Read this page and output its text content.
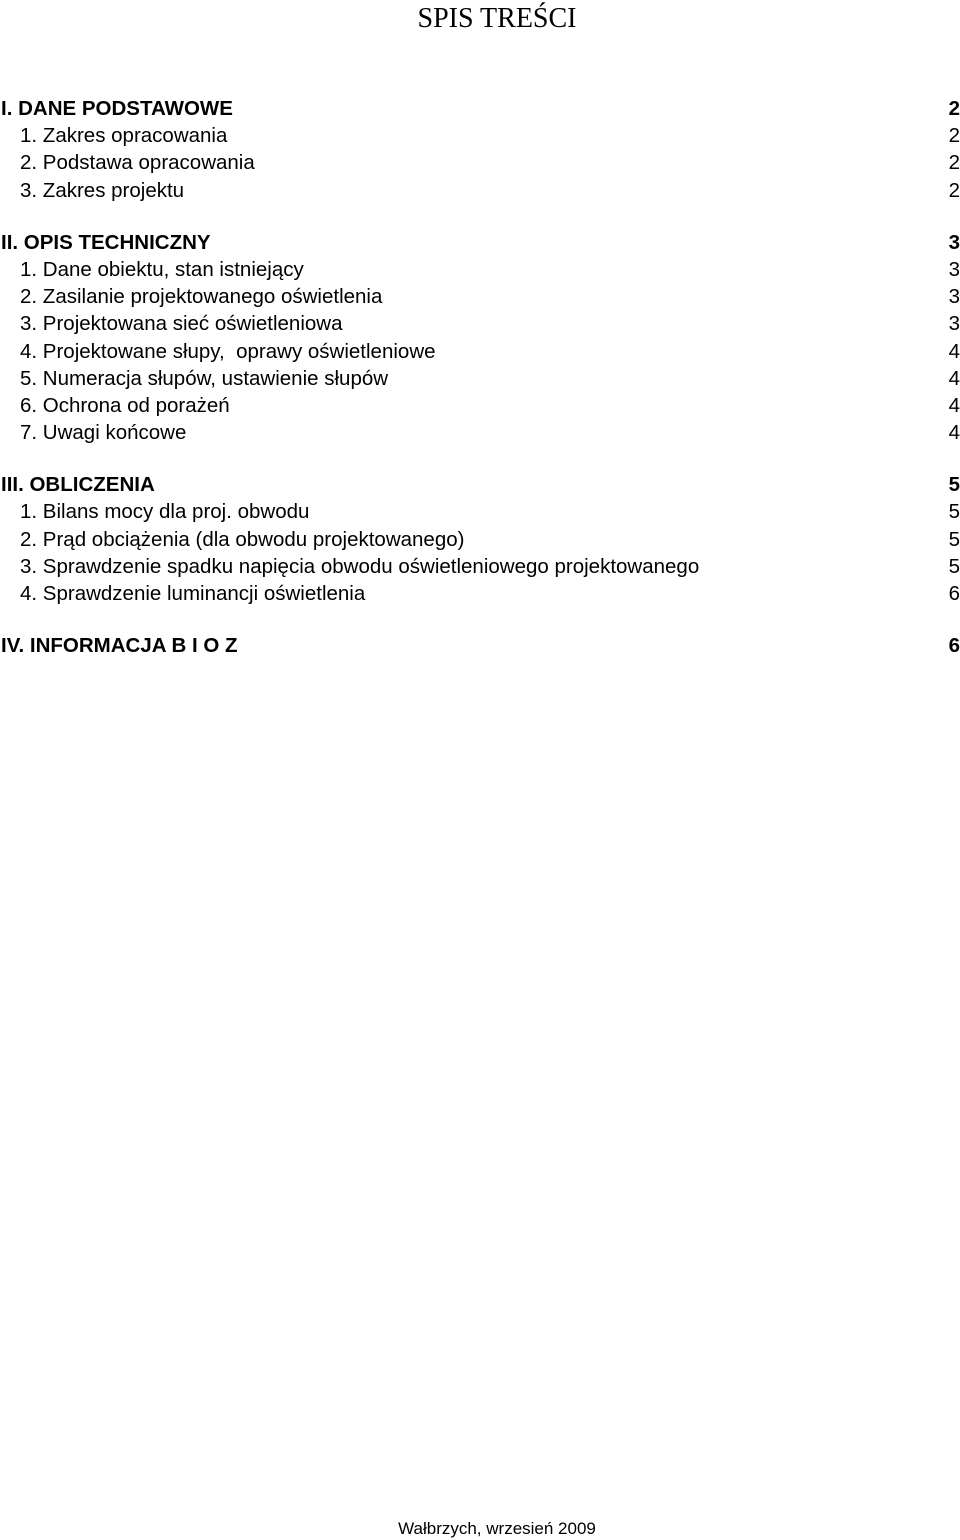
SPIS TREŚCI
I. DANE PODSTAWOWE	2
1. Zakres opracowania	2
2. Podstawa opracowania	2
3. Zakres projektu	2
II. OPIS TECHNICZNY	3
1. Dane obiektu, stan istniejący	3
2. Zasilanie projektowanego oświetlenia	3
3. Projektowana sieć oświetleniowa	3
4. Projektowane słupy,  oprawy oświetleniowe	4
5. Numeracja słupów, ustawienie słupów	4
6. Ochrona od porażeń	4
7. Uwagi końcowe	4
III. OBLICZENIA	5
1. Bilans mocy dla proj. obwodu	5
2. Prąd obciążenia (dla obwodu projektowanego)	5
3. Sprawdzenie spadku napięcia obwodu oświetleniowego projektowanego	5
4. Sprawdzenie luminancji oświetlenia	6
IV. INFORMACJA B I O Z	6
Wałbrzych, wrzesień 2009
